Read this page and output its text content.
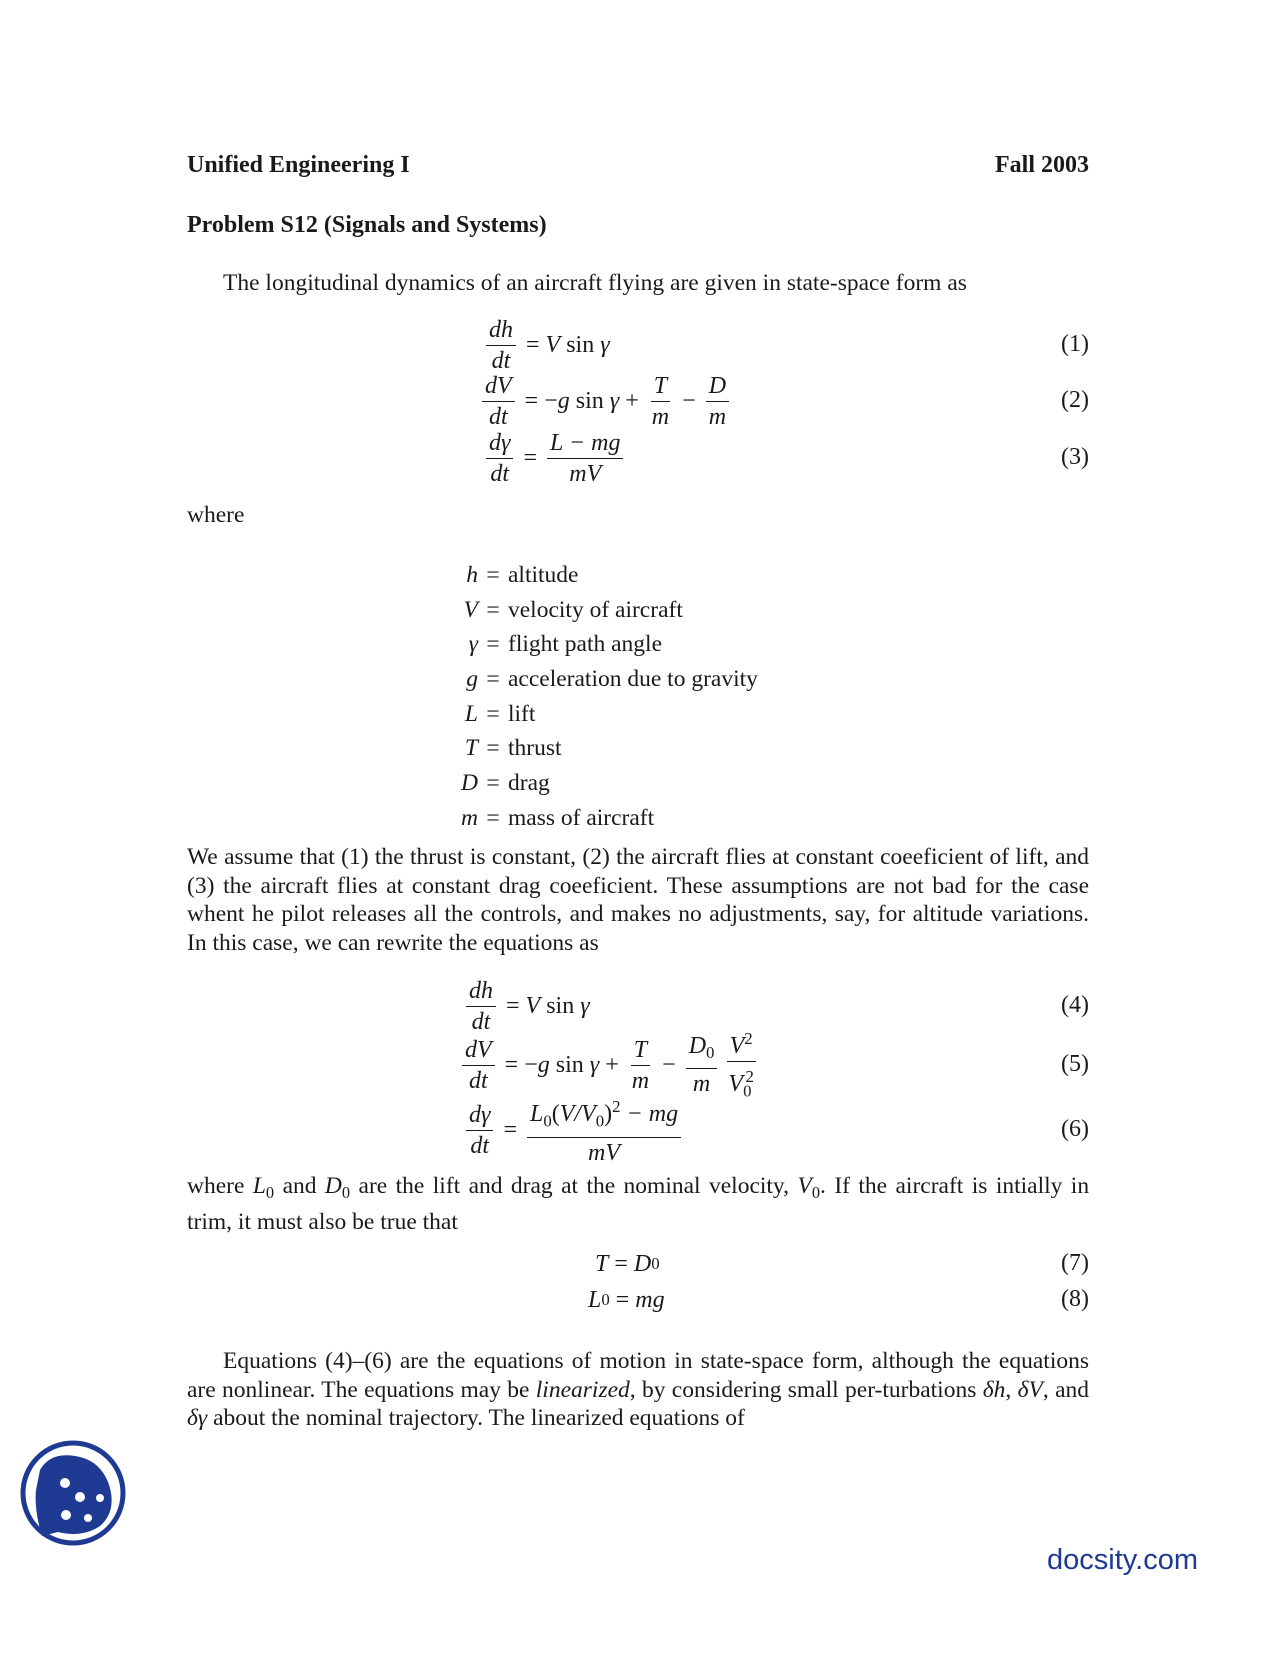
Unified Engineering I	Fall 2003
Problem S12 (Signals and Systems)
The longitudinal dynamics of an aircraft flying are given in state-space form as
$\frac{dh}{dt} = V$
sin
γ	(1)
$\frac{dV}{dt}$ = − g
sin
$\gamma + \frac{T}{m} - \frac{D}{m}$	(2)
$\frac{d\gamma}{dt} = \frac{L - mg}{mV}$	(3)
where
h = altitude
V = velocity of aircraft
γ = flight path angle
g = acceleration due to gravity
L = lift
T = thrust
D = drag
m = mass of aircraft
We assume that (1) the thrust is constant, (2) the aircraft flies at constant coeeficient of lift, and (3) the aircraft flies at constant drag coeeficient. These assumptions are not bad for the case whent he pilot releases all the controls, and makes no adjustments, say, for altitude variations. In this case, we can rewrite the equations as
$\frac{dh}{dt} = V$
sin
γ	(4)
$\frac{dV}{dt}$ = − g
sin
$\gamma + \frac{T}{m} - \frac{D_0}{m} \frac{V^2}{V_0^2}$	(5)
$\frac{d\gamma}{dt} = \frac{L_0(V/V_0)^2 - mg}{mV}$	(6)
where $L_0$ and $D_0$ are the lift and drag at the nominal velocity, $V_0$. If the aircraft is intially in trim, it must also be true that
T = D 0	(7)
L 0 = mg	(8)
Equations (4)–(6) are the equations of motion in state-space form, although the equations are nonlinear. The equations may be linearized, by considering small per-turbations δh, δV, and δγ about the nominal trajectory. The linearized equations of
docsity.com
